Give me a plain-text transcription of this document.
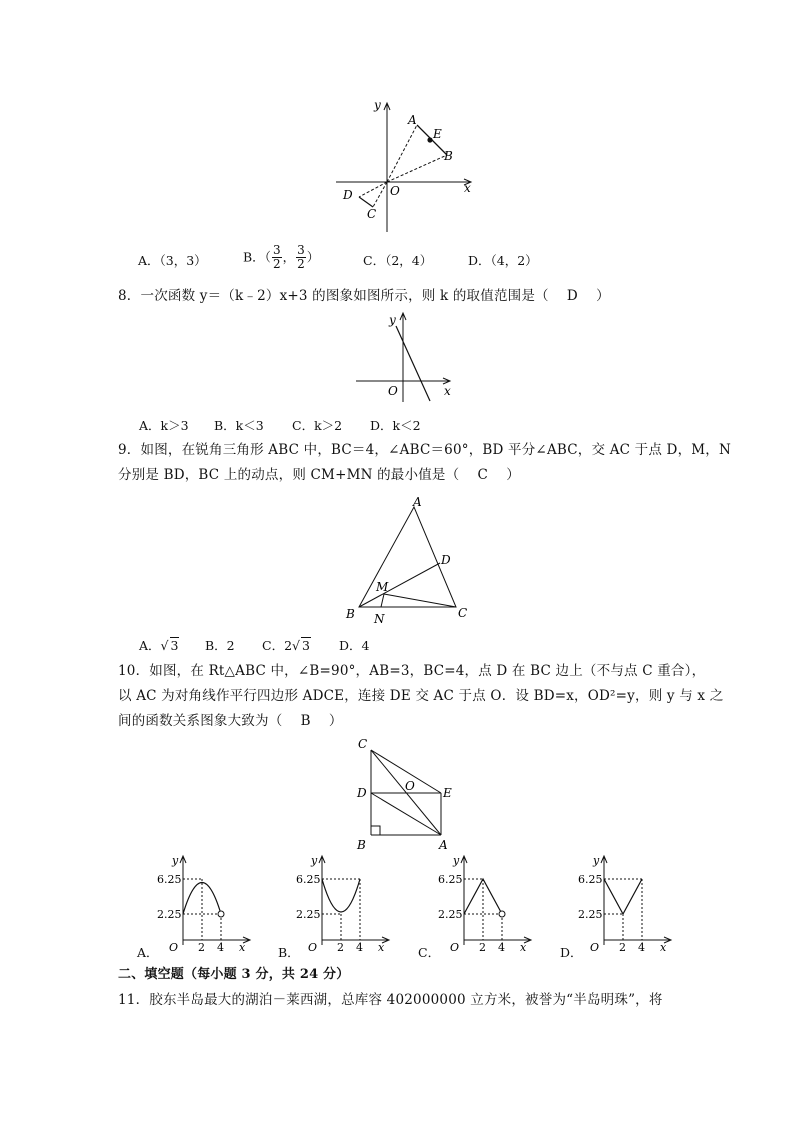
y
x
O
A
E
B
D
C
A．（3，3）	B．（ $\frac{3}{2}$ ， $\frac{3}{2}$ ）	C．（2，4）	D．（4，2）
8．一次函数 y＝（k﹣2）x+3 的图象如图所示，则 k 的取值范围是（　 D　 ）
y
x
O
A．k＞3 B．k＜3 C．k＞2 D．k＜2
9．如图，在锐角三角形 ABC 中，BC＝4，∠ABC＝60°，BD 平分∠ABC，交 AC 于点 D，M，N
分别是 BD，BC 上的动点，则 CM+MN 的最小值是（　 C　 ）
A
B	C
D
M
N
A．√ 3 B．2 C．2√ 3 D．4
10．如图，在 Rt△ABC 中，∠B=90°，AB=3，BC=4，点 D 在 BC 边上（不与点 C 重合），
以 AC 为对角线作平行四边形 ADCE，连接 DE 交 AC 于点 O．设 BD=x，OD²=y，则 y 与 x 之
间的函数关系图象大致为（　 B　 ）
C
D	O E
B	A
y
6.25
2.25
O 2 4 x
y
6.25
2.25
O 2 4 x
y
6.25
2.25
O 2 4 x
y
6.25
2.25
O 2 4 x
A．	B．	C．	D．
二、填空题（每小题 3 分，共 24 分）
11．胶东半岛最大的湖泊－莱西湖，总库容 402000000 立方米，被誉为“半岛明珠”，将
